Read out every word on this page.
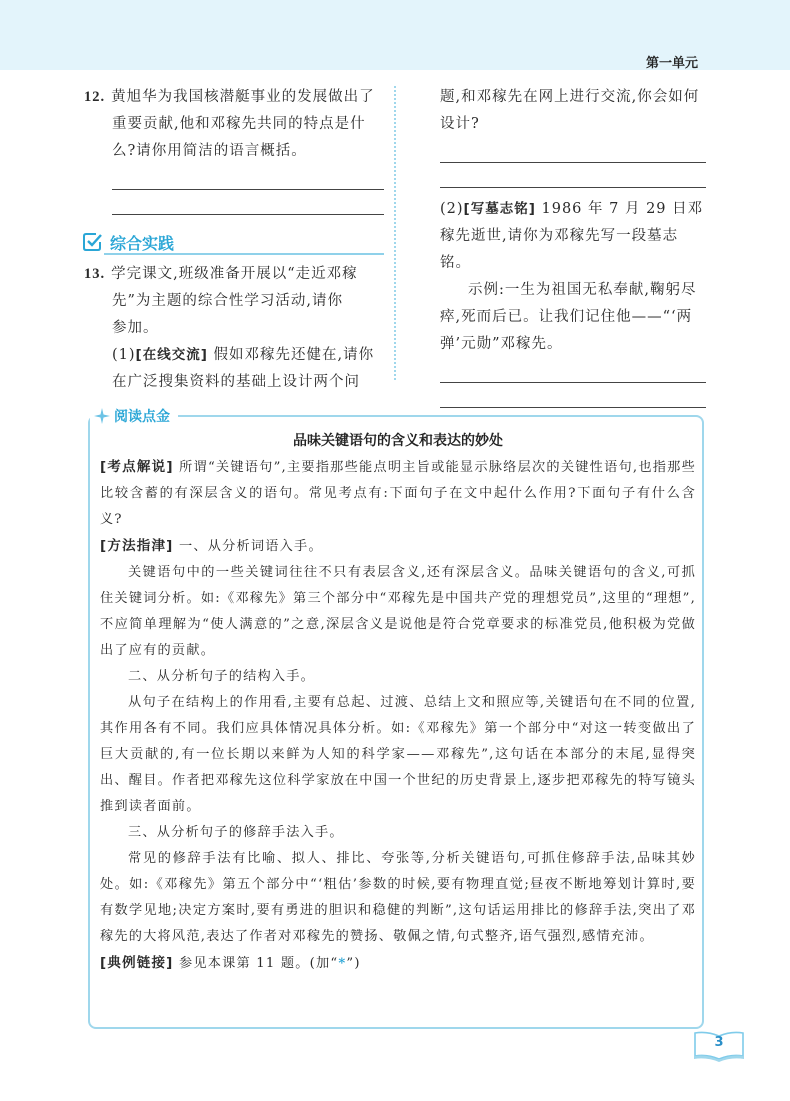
第一单元
12. 黄旭华为我国核潜艇事业的发展做出了
重要贡献,他和邓稼先共同的特点是什
么?请你用简洁的语言概括。
综合实践
13. 学完课文,班级准备开展以“走近邓稼
先”为主题的综合性学习活动,请你
参加。
(1)[在线交流] 假如邓稼先还健在,请你在广泛搜集资料的基础上设计两个问
题,和邓稼先在网上进行交流,你会如何设计?
(2)[写墓志铭] 1986 年 7 月 29 日邓稼先逝世,请你为邓稼先写一段墓志铭。
示例:一生为祖国无私奉献,鞠躬尽瘁,死而后已。让我们记住他——“‘两弹’元勋”邓稼先。
阅读点金
品味关键语句的含义和表达的妙处
[考点解说] 所谓“关键语句”,主要指那些能点明主旨或能显示脉络层次的关键性语句,也指那些比较含蓄的有深层含义的语句。常见考点有:下面句子在文中起什么作用?下面句子有什么含义?
[方法指津] 一、从分析词语入手。
关键语句中的一些关键词往往不只有表层含义,还有深层含义。品味关键语句的含义,可抓住关键词分析。如:《邓稼先》第三个部分中“邓稼先是中国共产党的理想党员”,这里的“理想”,不应简单理解为“使人满意的”之意,深层含义是说他是符合党章要求的标准党员,他积极为党做出了应有的贡献。
二、从分析句子的结构入手。
从句子在结构上的作用看,主要有总起、过渡、总结上文和照应等,关键语句在不同的位置,其作用各有不同。我们应具体情况具体分析。如:《邓稼先》第一个部分中“对这一转变做出了巨大贡献的,有一位长期以来鲜为人知的科学家——邓稼先”,这句话在本部分的末尾,显得突出、醒目。作者把邓稼先这位科学家放在中国一个世纪的历史背景上,逐步把邓稼先的特写镜头推到读者面前。
三、从分析句子的修辞手法入手。
常见的修辞手法有比喻、拟人、排比、夸张等,分析关键语句,可抓住修辞手法,品味其妙处。如:《邓稼先》第五个部分中“‘粗估’参数的时候,要有物理直觉;昼夜不断地筹划计算时,要有数学见地;决定方案时,要有勇进的胆识和稳健的判断”,这句话运用排比的修辞手法,突出了邓稼先的大将风范,表达了作者对邓稼先的赞扬、敬佩之情,句式整齐,语气强烈,感情充沛。
[典例链接] 参见本课第 11 题。(加“*”)
3
